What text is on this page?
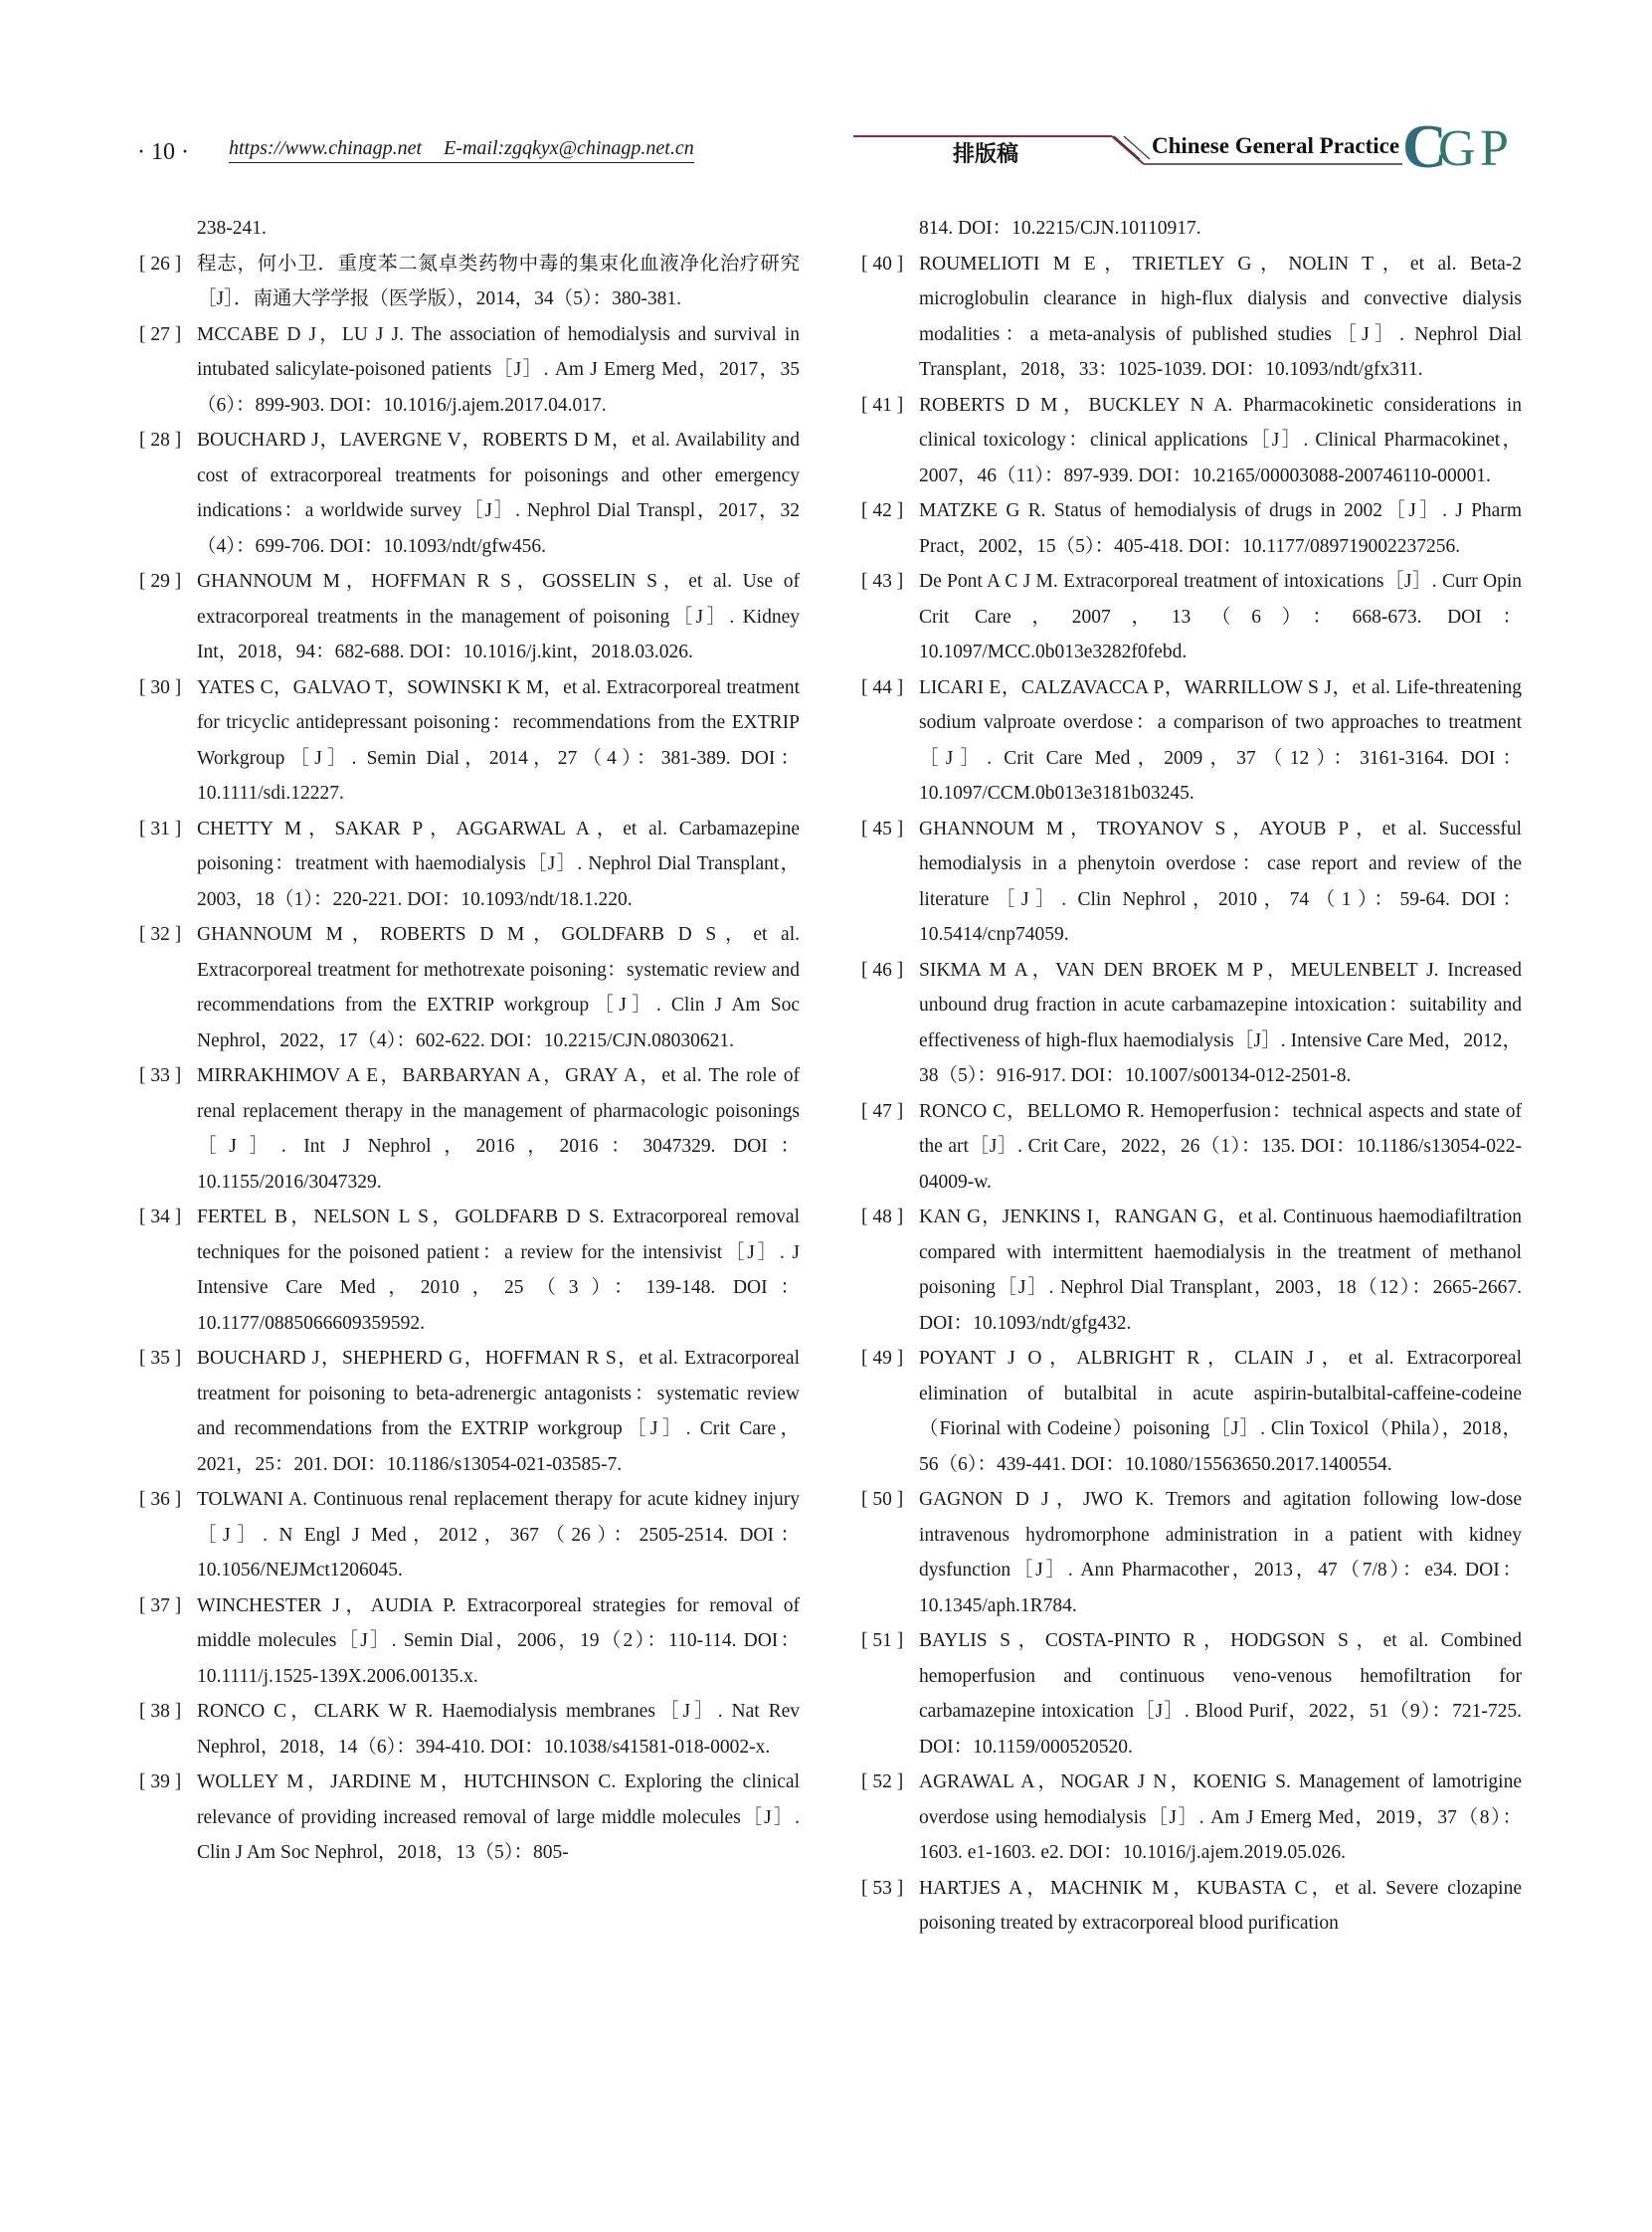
· 10 · https://www.chinagp.net E-mail:zgqkyx@chinagp.net.cn	排版稿	Chinese General Practice C
G P
238-241.
[ 26 ] 程志，何小卫．重度苯二氮卓类药物中毒的集束化血液净化治疗研究［J］．南通大学学报（医学版），2014，34（5）：380-381.
[ 27 ] MCCABE D J，LU J J. The association of hemodialysis and survival in intubated salicylate-poisoned patients［J］. Am J Emerg Med，2017，35（6）：899-903. DOI：10.1016/j.ajem.2017.04.017.
[ 28 ] BOUCHARD J，LAVERGNE V，ROBERTS D M，et al. Availability and cost of extracorporeal treatments for poisonings and other emergency indications：a worldwide survey［J］. Nephrol Dial Transpl，2017，32（4）：699-706. DOI：10.1093/ndt/gfw456.
[ 29 ] GHANNOUM M，HOFFMAN R S，GOSSELIN S，et al. Use of extracorporeal treatments in the management of poisoning［J］. Kidney Int，2018，94：682-688. DOI：10.1016/j.kint，2018.03.026.
[ 30 ] YATES C，GALVAO T，SOWINSKI K M，et al. Extracorporeal treatment for tricyclic antidepressant poisoning：recommendations from the EXTRIP Workgroup［J］. Semin Dial，2014，27（4）：381-389. DOI：10.1111/sdi.12227.
[ 31 ] CHETTY M，SAKAR P，AGGARWAL A，et al. Carbamazepine poisoning：treatment with haemodialysis［J］. Nephrol Dial Transplant，2003，18（1）：220-221. DOI：10.1093/ndt/18.1.220.
[ 32 ] GHANNOUM M，ROBERTS D M，GOLDFARB D S，et al. Extracorporeal treatment for methotrexate poisoning：systematic review and recommendations from the EXTRIP workgroup［J］. Clin J Am Soc Nephrol，2022，17（4）：602-622. DOI：10.2215/CJN.08030621.
[ 33 ] MIRRAKHIMOV A E，BARBARYAN A，GRAY A，et al. The role of renal replacement therapy in the management of pharmacologic poisonings［J］. Int J Nephrol，2016，2016：3047329. DOI：10.1155/2016/3047329.
[ 34 ] FERTEL B，NELSON L S，GOLDFARB D S. Extracorporeal removal techniques for the poisoned patient：a review for the intensivist［J］. J Intensive Care Med，2010，25（3）：139-148. DOI：10.1177/0885066609359592.
[ 35 ] BOUCHARD J，SHEPHERD G，HOFFMAN R S，et al. Extracorporeal treatment for poisoning to beta-adrenergic antagonists：systematic review and recommendations from the EXTRIP workgroup［J］. Crit Care，2021，25：201. DOI：10.1186/s13054-021-03585-7.
[ 36 ] TOLWANI A. Continuous renal replacement therapy for acute kidney injury［J］. N Engl J Med，2012，367（26）：2505-2514. DOI：10.1056/NEJMct1206045.
[ 37 ] WINCHESTER J，AUDIA P. Extracorporeal strategies for removal of middle molecules［J］. Semin Dial，2006，19（2）：110-114. DOI：10.1111/j.1525-139X.2006.00135.x.
[ 38 ] RONCO C，CLARK W R. Haemodialysis membranes［J］. Nat Rev Nephrol，2018，14（6）：394-410. DOI：10.1038/s41581-018-0002-x.
[ 39 ] WOLLEY M，JARDINE M，HUTCHINSON C. Exploring the clinical relevance of providing increased removal of large middle molecules［J］. Clin J Am Soc Nephrol，2018，13（5）：805-
814. DOI：10.2215/CJN.10110917.
[ 40 ] ROUMELIOTI M E，TRIETLEY G，NOLIN T，et al. Beta-2 microglobulin clearance in high-flux dialysis and convective dialysis modalities：a meta-analysis of published studies［J］. Nephrol Dial Transplant，2018，33：1025-1039. DOI：10.1093/ndt/gfx311.
[ 41 ] ROBERTS D M，BUCKLEY N A. Pharmacokinetic considerations in clinical toxicology：clinical applications［J］. Clinical Pharmacokinet，2007，46（11）：897-939. DOI：10.2165/00003088-200746110-00001.
[ 42 ] MATZKE G R. Status of hemodialysis of drugs in 2002［J］. J Pharm Pract，2002，15（5）：405-418. DOI：10.1177/089719002237256.
[ 43 ] De Pont A C J M. Extracorporeal treatment of intoxications［J］. Curr Opin Crit Care，2007，13（6）：668-673. DOI：10.1097/MCC.0b013e3282f0febd.
[ 44 ] LICARI E，CALZAVACCA P，WARRILLOW S J，et al. Life-threatening sodium valproate overdose：a comparison of two approaches to treatment［J］. Crit Care Med，2009，37（12）：3161-3164. DOI：10.1097/CCM.0b013e3181b03245.
[ 45 ] GHANNOUM M，TROYANOV S，AYOUB P，et al. Successful hemodialysis in a phenytoin overdose：case report and review of the literature［J］. Clin Nephrol，2010，74（1）：59-64. DOI：10.5414/cnp74059.
[ 46 ] SIKMA M A，VAN DEN BROEK M P，MEULENBELT J. Increased unbound drug fraction in acute carbamazepine intoxication：suitability and effectiveness of high-flux haemodialysis［J］. Intensive Care Med，2012，38（5）：916-917. DOI：10.1007/s00134-012-2501-8.
[ 47 ] RONCO C，BELLOMO R. Hemoperfusion：technical aspects and state of the art［J］. Crit Care，2022，26（1）：135. DOI：10.1186/s13054-022-04009-w.
[ 48 ] KAN G，JENKINS I，RANGAN G，et al. Continuous haemodiafiltration compared with intermittent haemodialysis in the treatment of methanol poisoning［J］. Nephrol Dial Transplant，2003，18（12）：2665-2667. DOI：10.1093/ndt/gfg432.
[ 49 ] POYANT J O，ALBRIGHT R，CLAIN J，et al. Extracorporeal elimination of butalbital in acute aspirin-butalbital-caffeine-codeine（Fiorinal with Codeine）poisoning［J］. Clin Toxicol（Phila），2018，56（6）：439-441. DOI：10.1080/15563650.2017.1400554.
[ 50 ] GAGNON D J，JWO K. Tremors and agitation following low-dose intravenous hydromorphone administration in a patient with kidney dysfunction［J］. Ann Pharmacother，2013，47（7/8）：e34. DOI：10.1345/aph.1R784.
[ 51 ] BAYLIS S，COSTA-PINTO R，HODGSON S，et al. Combined hemoperfusion and continuous veno-venous hemofiltration for carbamazepine intoxication［J］. Blood Purif，2022，51（9）：721-725. DOI：10.1159/000520520.
[ 52 ] AGRAWAL A，NOGAR J N，KOENIG S. Management of lamotrigine overdose using hemodialysis［J］. Am J Emerg Med，2019，37（8）：1603. e1-1603. e2. DOI：10.1016/j.ajem.2019.05.026.
[ 53 ] HARTJES A，MACHNIK M，KUBASTA C，et al. Severe clozapine poisoning treated by extracorporeal blood purification
